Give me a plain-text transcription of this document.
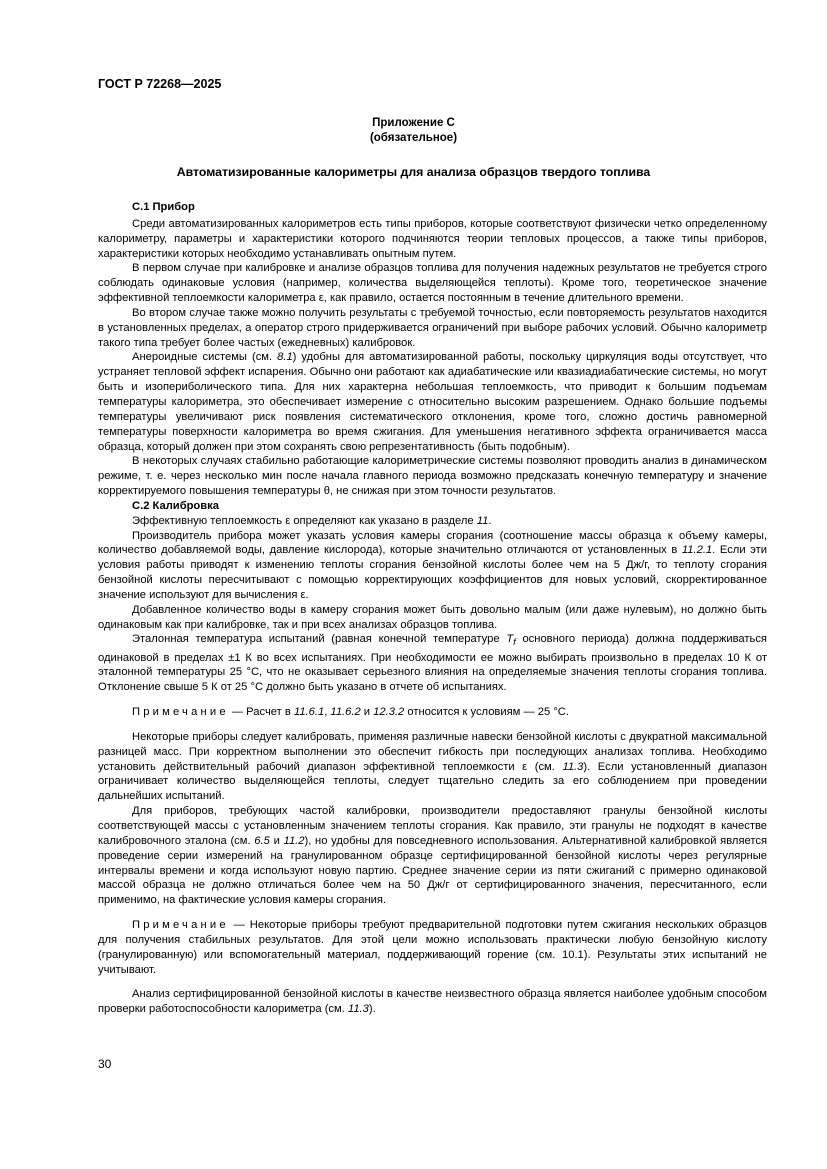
ГОСТ Р 72268—2025
Приложение С
(обязательное)
Автоматизированные калориметры для анализа образцов твердого топлива
С.1 Прибор

Среди автоматизированных калориметров есть типы приборов, которые соответствуют физически четко определенному калориметру, параметры и характеристики которого подчиняются теории тепловых процессов, а также типы приборов, характеристики которых необходимо устанавливать опытным путем.

В первом случае при калибровке и анализе образцов топлива для получения надежных результатов не требуется строго соблюдать одинаковые условия (например, количества выделяющейся теплоты). Кроме того, теоретическое значение эффективной теплоемкости калориметра ε, как правило, остается постоянным в течение длительного времени.

Во втором случае также можно получить результаты с требуемой точностью, если повторяемость результатов находится в установленных пределах, а оператор строго придерживается ограничений при выборе рабочих условий. Обычно калориметр такого типа требует более частых (ежедневных) калибровок.

Анероидные системы (см. 8.1) удобны для автоматизированной работы, поскольку циркуляция воды отсутствует, что устраняет тепловой эффект испарения. Обычно они работают как адиабатические или квазиадиабатические системы, но могут быть и изопериболического типа. Для них характерна небольшая теплоемкость, что приводит к большим подъемам температуры калориметра, это обеспечивает измерение с относительно высоким разрешением. Однако большие подъемы температуры увеличивают риск появления систематического отклонения, кроме того, сложно достичь равномерной температуры поверхности калориметра во время сжигания. Для уменьшения негативного эффекта ограничивается масса образца, который должен при этом сохранять свою репрезентативность (быть подобным).

В некоторых случаях стабильно работающие калориметрические системы позволяют проводить анализ в динамическом режиме, т. е. через несколько мин после начала главного периода возможно предсказать конечную температуру и значение корректируемого повышения температуры θ, не снижая при этом точности результатов.

С.2 Калибровка

Эффективную теплоемкость ε определяют как указано в разделе 11.

Производитель прибора может указать условия камеры сгорания (соотношение массы образца к объему камеры, количество добавляемой воды, давление кислорода), которые значительно отличаются от установленных в 11.2.1. Если эти условия работы приводят к изменению теплоты сгорания бензойной кислоты более чем на 5 Дж/г, то теплоту сгорания бензойной кислоты пересчитывают с помощью корректирующих коэффициентов для новых условий, скорректированное значение используют для вычисления ε.

Добавленное количество воды в камеру сгорания может быть довольно малым (или даже нулевым), но должно быть одинаковым как при калибровке, так и при всех анализах образцов топлива.

Эталонная температура испытаний (равная конечной температуре $T_f$ основного периода) должна поддерживаться одинаковой в пределах ±1 К во всех испытаниях. При необходимости ее можно выбирать произвольно в пределах 10 К от эталонной температуры 25 °С, что не оказывает серьезного влияния на определяемые значения теплоты сгорания топлива. Отклонение свыше 5 К от 25 °С должно быть указано в отчете об испытаниях.

Примечание — Расчет в 11.6.1, 11.6.2 и 12.3.2 относится к условиям — 25 °С.

Некоторые приборы следует калибровать, применяя различные навески бензойной кислоты с двукратной максимальной разницей масс. При корректном выполнении это обеспечит гибкость при последующих анализах топлива. Необходимо установить действительный рабочий диапазон эффективной теплоемкости ε (см. 11.3). Если установленный диапазон ограничивает количество выделяющейся теплоты, следует тщательно следить за его соблюдением при проведении дальнейших испытаний.

Для приборов, требующих частой калибровки, производители предоставляют гранулы бензойной кислоты соответствующей массы с установленным значением теплоты сгорания. Как правило, эти гранулы не подходят в качестве калибровочного эталона (см. 6.5 и 11.2), но удобны для повседневного использования. Альтернативной калибровкой является проведение серии измерений на гранулированном образце сертифицированной бензойной кислоты через регулярные интервалы времени и когда используют новую партию. Среднее значение серии из пяти сжиганий с примерно одинаковой массой образца не должно отличаться более чем на 50 Дж/г от сертифицированного значения, пересчитанного, если применимо, на фактические условия камеры сгорания.

Примечание — Некоторые приборы требуют предварительной подготовки путем сжигания нескольких образцов для получения стабильных результатов. Для этой цели можно использовать практически любую бензойную кислоту (гранулированную) или вспомогательный материал, поддерживающий горение (см. 10.1). Результаты этих испытаний не учитывают.

Анализ сертифицированной бензойной кислоты в качестве неизвестного образца является наиболее удобным способом проверки работоспособности калориметра (см. 11.3).

30
